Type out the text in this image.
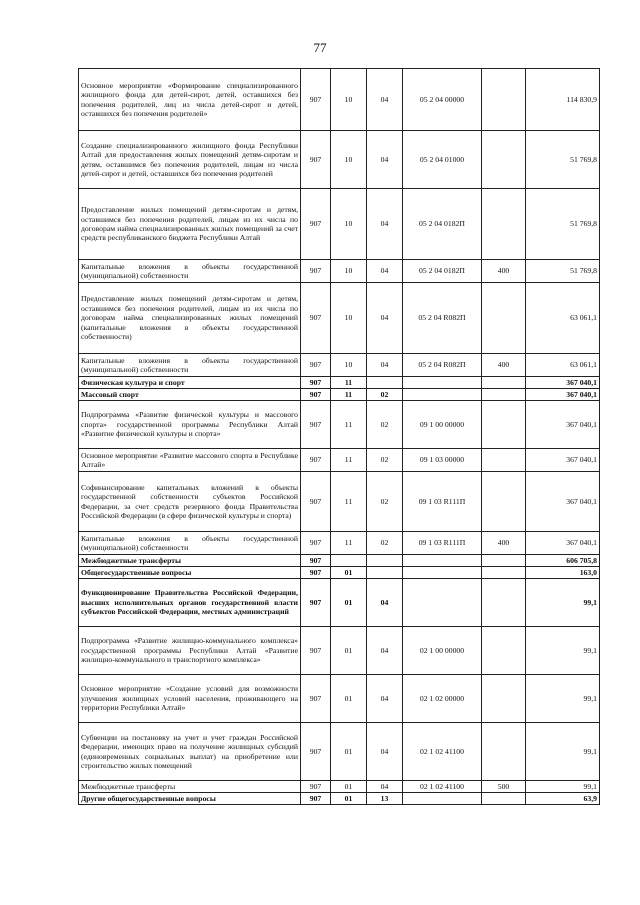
77
Основное мероприятие «Формирование специализированного жилищного фонда для детей-сирот, детей, оставшихся без попечения родителей, лиц из числа детей-сирот и детей, оставшихся без попечения родителей»	907	10	04	05 2 04 00000		114 830,9
Создание специализированного жилищного фонда Республики Алтай для предоставления жилых помещений детям-сиротам и детям, оставшимся без попечения родителей, лицам из числа детей-сирот и детей, оставшихся без попечения родителей	907	10	04	05 2 04 01000		51 769,8
Предоставление жилых помещений детям-сиротам и детям, оставшимся без попечения родителей, лицам из их числа по договорам найма специализированных жилых помещений за счет средств республиканского бюджета Республики Алтай	907	10	04	05 2 04 0182П		51 769,8
Капитальные вложения в объекты государственной (муниципальной) собственности	907	10	04	05 2 04 0182П	400	51 769,8
Предоставление жилых помещений детям-сиротам и детям, оставшимся без попечения родителей, лицам из их числа по договорам найма специализированных жилых помещений (капитальные вложения в объекты государственной собственности)	907	10	04	05 2 04 R082П		63 061,1
Капитальные вложения в объекты государственной (муниципальной) собственности	907	10	04	05 2 04 R082П	400	63 061,1
Физическая культура и спорт	907	11				367 040,1
Массовый спорт	907	11	02			367 040,1
Подпрограмма «Развитие физической культуры и массового спорта» государственной программы Республики Алтай «Развитие физической культуры и спорта»	907	11	02	09 1 00 00000		367 040,1
Основное мероприятие «Развитие массового спорта в Республике Алтай»	907	11	02	09 1 03 00000		367 040,1
Софинансирование капитальных вложений в объекты государственной собственности субъектов Российской Федерации, за счет средств резервного фонда Правительства Российской Федерации (в сфере физической культуры и спорта)	907	11	02	09 1 03 R111П		367 040,1
Капитальные вложения в объекты государственной (муниципальной) собственности	907	11	02	09 1 03 R111П	400	367 040,1
Межбюджетные трансферты	907					606 705,8
Общегосударственные вопросы	907	01				163,0
Функционирование Правительства Российской Федерации, высших исполнительных органов государственной власти субъектов Российской Федерации, местных администраций	907	01	04			99,1
Подпрограмма «Развитие жилищно-коммунального комплекса» государственной программы Республики Алтай «Развитие жилищно-коммунального и транспортного комплекса»	907	01	04	02 1 00 00000		99,1
Основное мероприятие «Создание условий для возможности улучшения жилищных условий населения, проживающего на территории Республики Алтай»	907	01	04	02 1 02 00000		99,1
Субвенции на постановку на учет и учет граждан Российской Федерации, имеющих право на получение жилищных субсидий (единовременных социальных выплат) на приобретение или строительство жилых помещений	907	01	04	02 1 02 41100		99,1
Межбюджетные трансферты	907	01	04	02 1 02 41100	500	99,1
Другие общегосударственные вопросы	907	01	13			63,9
